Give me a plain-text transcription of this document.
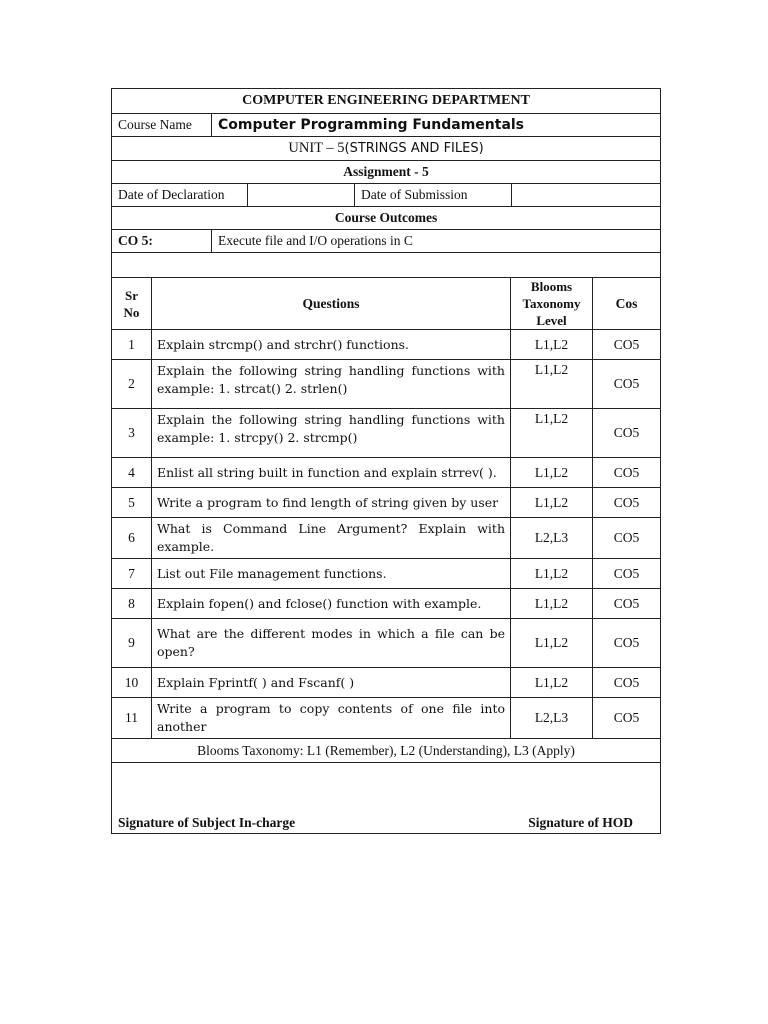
COMPUTER ENGINEERING DEPARTMENT				
Course Name	Computer Programming Fundamentals			
UNIT – 5(STRINGS AND FILES)				
Assignment - 5				
Date of Declaration			Date of Submission	
Course Outcomes				
CO 5:	Execute file and I/O operations in C			

Sr No	Questions	Blooms Taxonomy Level	Cos
1	Explain strcmp() and strchr() functions.	L1,L2	CO5
2	Explain the following string handling functions with example: 1. strcat() 2. strlen()	L1,L2	CO5
3	Explain the following string handling functions with example: 1. strcpy() 2. strcmp()	L1,L2	CO5
4	Enlist all string built in function and explain strrev( ).	L1,L2	CO5
5	Write a program to find length of string given by user	L1,L2	CO5
6	What is Command Line Argument? Explain with example.	L2,L3	CO5
7	List out File management functions.	L1,L2	CO5
8	Explain fopen() and fclose() function with example.	L1,L2	CO5
9	What are the different modes in which a file can be open?	L1,L2	CO5
10	Explain Fprintf( ) and Fscanf( )	L1,L2	CO5
11	Write a program to copy contents of one file into another	L2,L3	CO5
Blooms Taxonomy: L1 (Remember), L2 (Understanding), L3 (Apply)			

Signature of Subject In-charge Signature of HOD			
